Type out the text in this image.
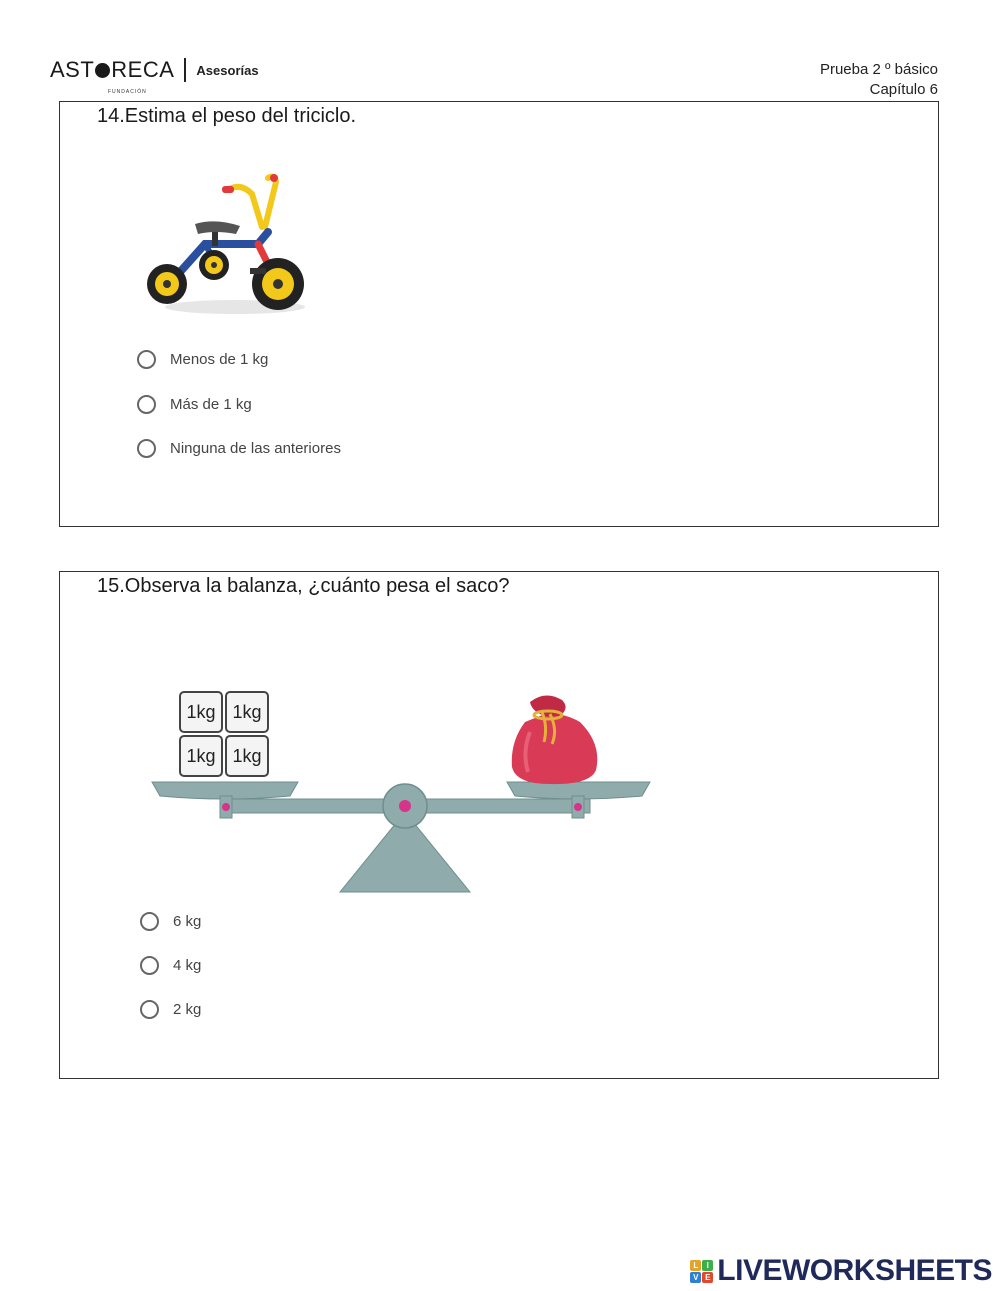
AST RECA
FUNDACIÓN
Asesorías	Prueba 2 º básico
Capítulo 6
14.Estima el peso del triciclo.
Menos de 1 kg
Más de 1 kg
Ninguna de las anteriores
15.Observa la balanza, ¿cuánto pesa el saco?
1kg 1kg
1kg 1kg
6 kg
4 kg
2 kg
L	I
V E LIVEWORKSHEETS
